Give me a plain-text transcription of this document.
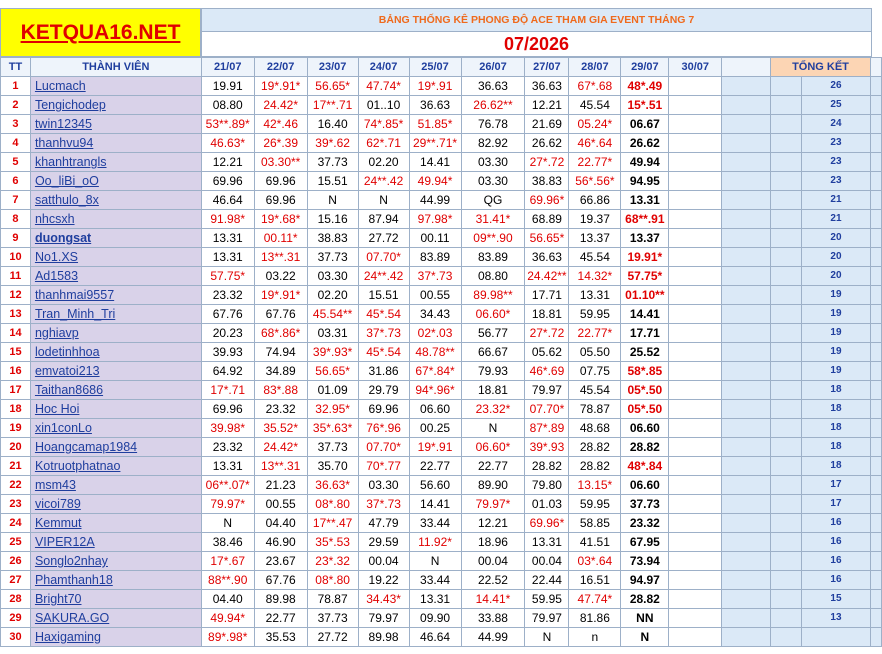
KETQUA16.NET
BẢNG THỐNG KÊ PHONG ĐỘ ACE THAM GIA EVENT THÁNG 7
07/2026
TT	THÀNH VIÊN	21/07	22/07	23/07	24/07	25/07	26/07	27/07	28/07	29/07	30/07		TỔNG KẾT		
1	Lucmach	19.91	19*.91*	56.65*	47.74*	19*.91	36.63	36.63	67*.68	48*.49				26	
2	Tengichodep	08.80	24.42*	17**.71	01..10	36.63	26.62**	12.21	45.54	15*.51				25	
3	twin12345	53**.89*	42*.46	16.40	74*.85*	51.85*	76.78	21.69	05.24*	06.67				24	
4	thanhvu94	46.63*	26*.39	39*.62	62*.71	29**.71*	82.92	26.62	46*.64	26.62				23	
5	khanhtrangls	12.21	03.30**	37.73	02.20	14.41	03.30	27*.72	22.77*	49.94				23	
6	Oo_liBi_oO	69.96	69.96	15.51	24**.42	49.94*	03.30	38.83	56*.56*	94.95				23	
7	satthulo_8x	46.64	69.96	N	N	44.99	QG	69.96*	66.86	13.31				21	
8	nhcsxh	91.98*	19*.68*	15.16	87.94	97.98*	31.41*	68.89	19.37	68**.91				21	
9	duongsat	13.31	00.11*	38.83	27.72	00.11	09**.90	56.65*	13.37	13.37				20	
10	No1.XS	13.31	13**.31	37.73	07.70*	83.89	83.89	36.63	45.54	19.91*				20	
11	Ad1583	57.75*	03.22	03.30	24**.42	37*.73	08.80	24.42**	14.32*	57.75*				20	
12	thanhmai9557	23.32	19*.91*	02.20	15.51	00.55	89.98**	17.71	13.31	01.10**				19	
13	Tran_Minh_Tri	67.76	67.76	45.54**	45*.54	34.43	06.60*	18.81	59.95	14.41				19	
14	nghiavp	20.23	68*.86*	03.31	37*.73	02*.03	56.77	27*.72	22.77*	17.71				19	
15	lodetinhhoa	39.93	74.94	39*.93*	45*.54	48.78**	66.67	05.62	05.50	25.52				19	
16	emvatoi213	64.92	34.89	56.65*	31.86	67*.84*	79.93	46*.69	07.75	58*.85				19	
17	Taithan8686	17*.71	83*.88	01.09	29.79	94*.96*	18.81	79.97	45.54	05*.50				18	
18	Hoc Hoi	69.96	23.32	32.95*	69.96	06.60	23.32*	07.70*	78.87	05*.50				18	
19	xin1conLo	39.98*	35.52*	35*.63*	76*.96	00.25	N	87*.89	48.68	06.60				18	
20	Hoangcamap1984	23.32	24.42*	37.73	07.70*	19*.91	06.60*	39*.93	28.82	28.82				18	
21	Kotruotphatnao	13.31	13**.31	35.70	70*.77	22.77	22.77	28.82	28.82	48*.84				18	
22	msm43	06**.07*	21.23	36.63*	03.30	56.60	89.90	79.80	13.15*	06.60				17	
23	vicoi789	79.97*	00.55	08*.80	37*.73	14.41	79.97*	01.03	59.95	37.73				17	
24	Kemmut	N	04.40	17**.47	47.79	33.44	12.21	69.96*	58.85	23.32				16	
25	VIPER12A	38.46	46.90	35*.53	29.59	11.92*	18.96	13.31	41.51	67.95				16	
26	Songlo2nhay	17*.67	23.67	23*.32	00.04	N	00.04	00.04	03*.64	73.94				16	
27	Phamthanh18	88**.90	67.76	08*.80	19.22	33.44	22.52	22.44	16.51	94.97				16	
28	Bright70	04.40	89.98	78.87	34.43*	13.31	14.41*	59.95	47.74*	28.82				15	
29	SAKURA.GO	49.94*	22.77	37.73	79.97	09.90	33.88	79.97	81.86	NN				13	
30	Haxigaming	89*.98*	35.53	27.72	89.98	46.64	44.99	N	n	N					
